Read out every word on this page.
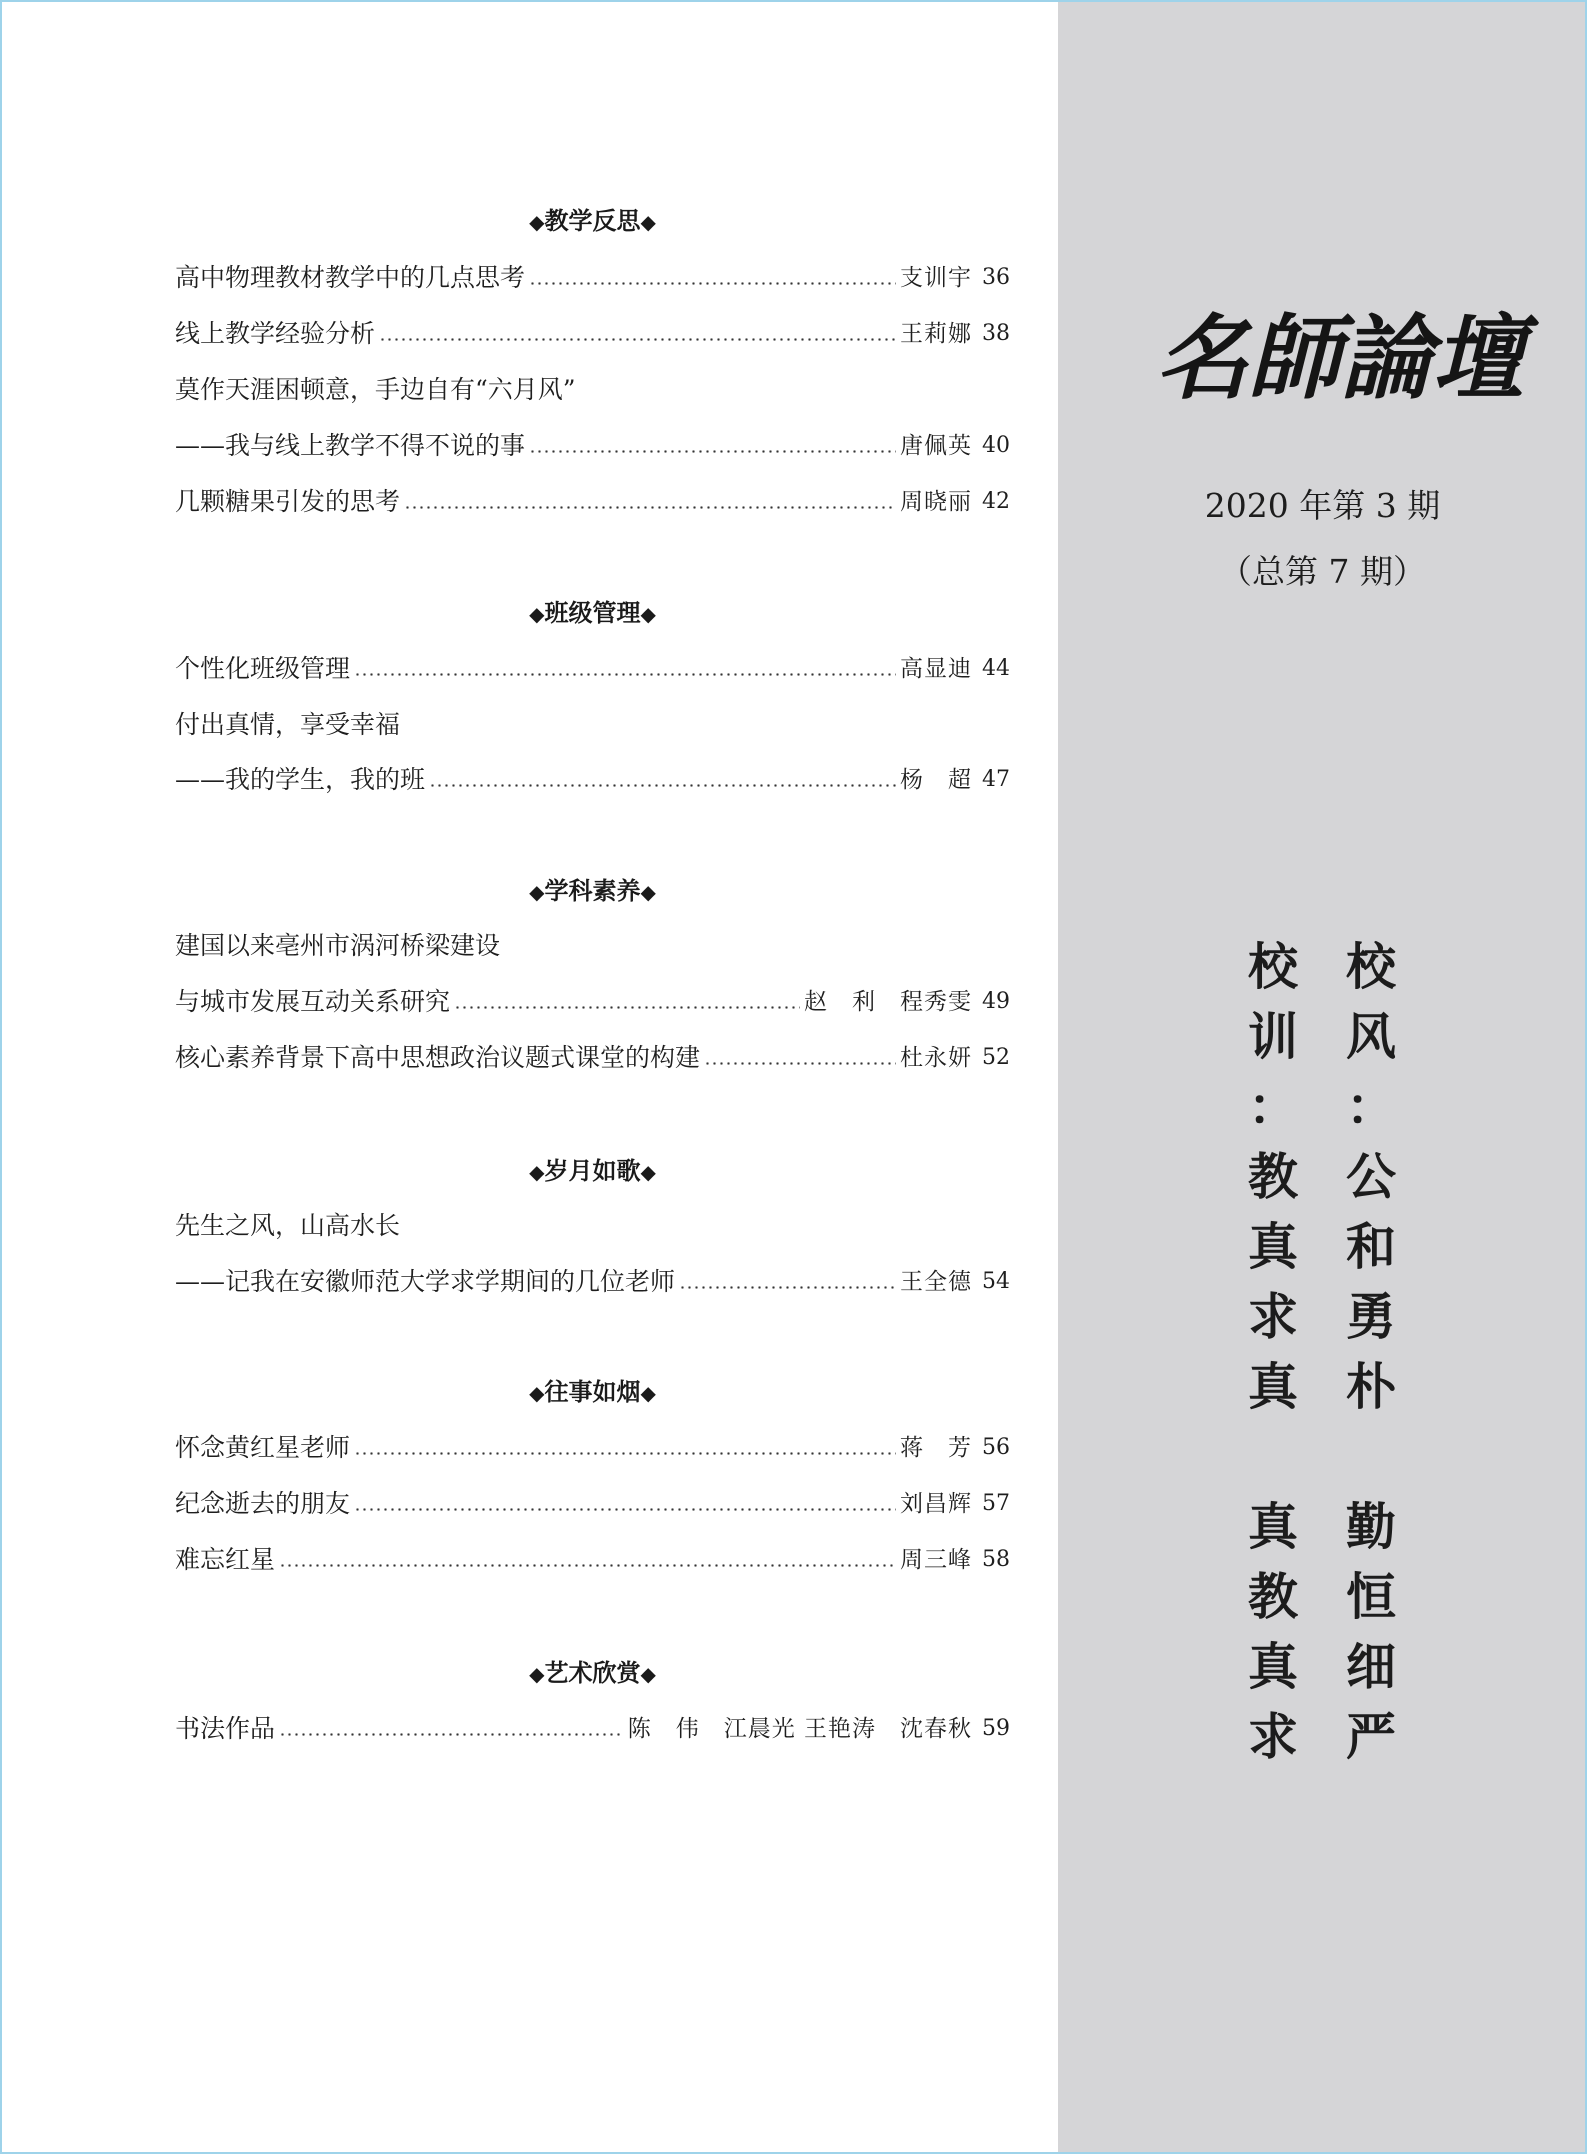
◆教学反思◆
高中物理教材教学中的几点思考	支训宇 36
线上教学经验分析	王莉娜 38
莫作天涯困顿意，手边自有“六月风”
——我与线上教学不得不说的事	唐佩英 40
几颗糖果引发的思考	周晓丽 42
◆班级管理◆
个性化班级管理	高显迪 44
付出真情，享受幸福
——我的学生，我的班	杨　超 47
◆学科素养◆
建国以来亳州市涡河桥梁建设
与城市发展互动关系研究	赵　利　程秀雯 49
核心素养背景下高中思想政治议题式课堂的构建	杜永妍 52
◆岁月如歌◆
先生之风，山高水长
——记我在安徽师范大学求学期间的几位老师	王全德 54
◆往事如烟◆
怀念黄红星老师	蒋　芳 56
纪念逝去的朋友	刘昌辉 57
难忘红星	周三峰 58
◆艺术欣赏◆
书法作品	陈　伟　江晨光 王艳涛　沈春秋 59
名師論壇
2020 年第 3 期
（总第 7 期）
校
风
：
公
和
勇
朴
勤
恒
细
严
校
训
：
教
真
求
真
真
教
真
求
